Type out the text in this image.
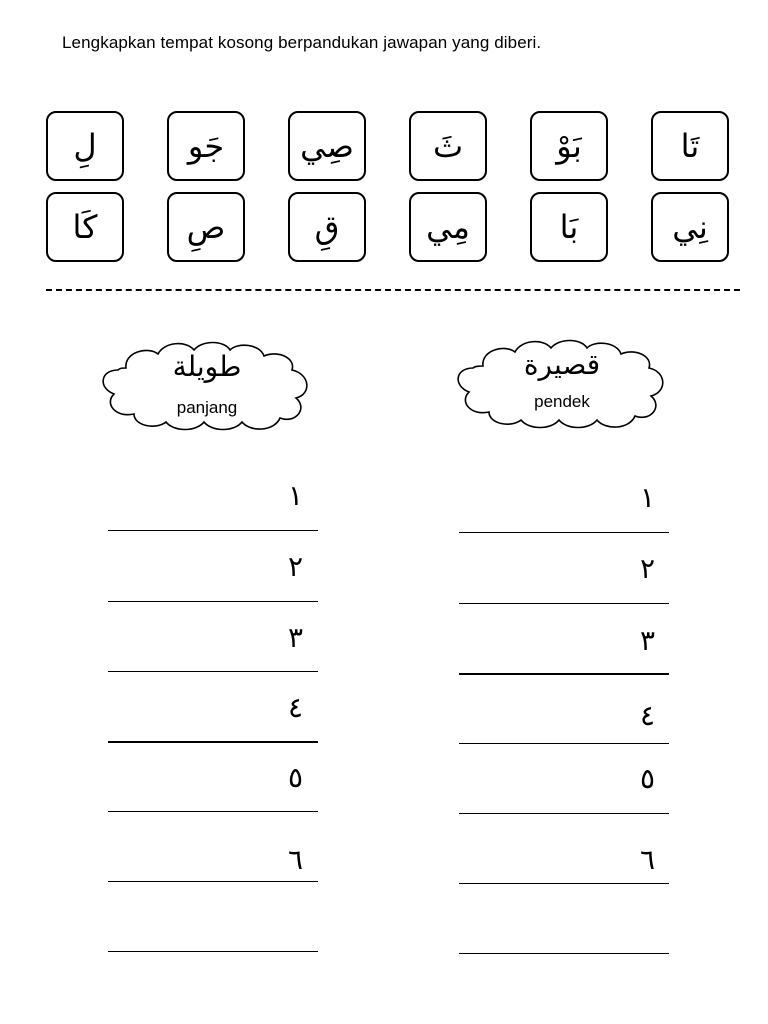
Lengkapkan tempat kosong berpandukan jawapan yang diberi.
تَا
بَوْ
ثَ
صِي
جَو
لِ
نِي
بَا
مِي
قِ
صِ
كَا
طويلة
panjang
قصيرة
pendek
١
٢
٣
٤
٥
٦
١
٢
٣
٤
٥
٦
